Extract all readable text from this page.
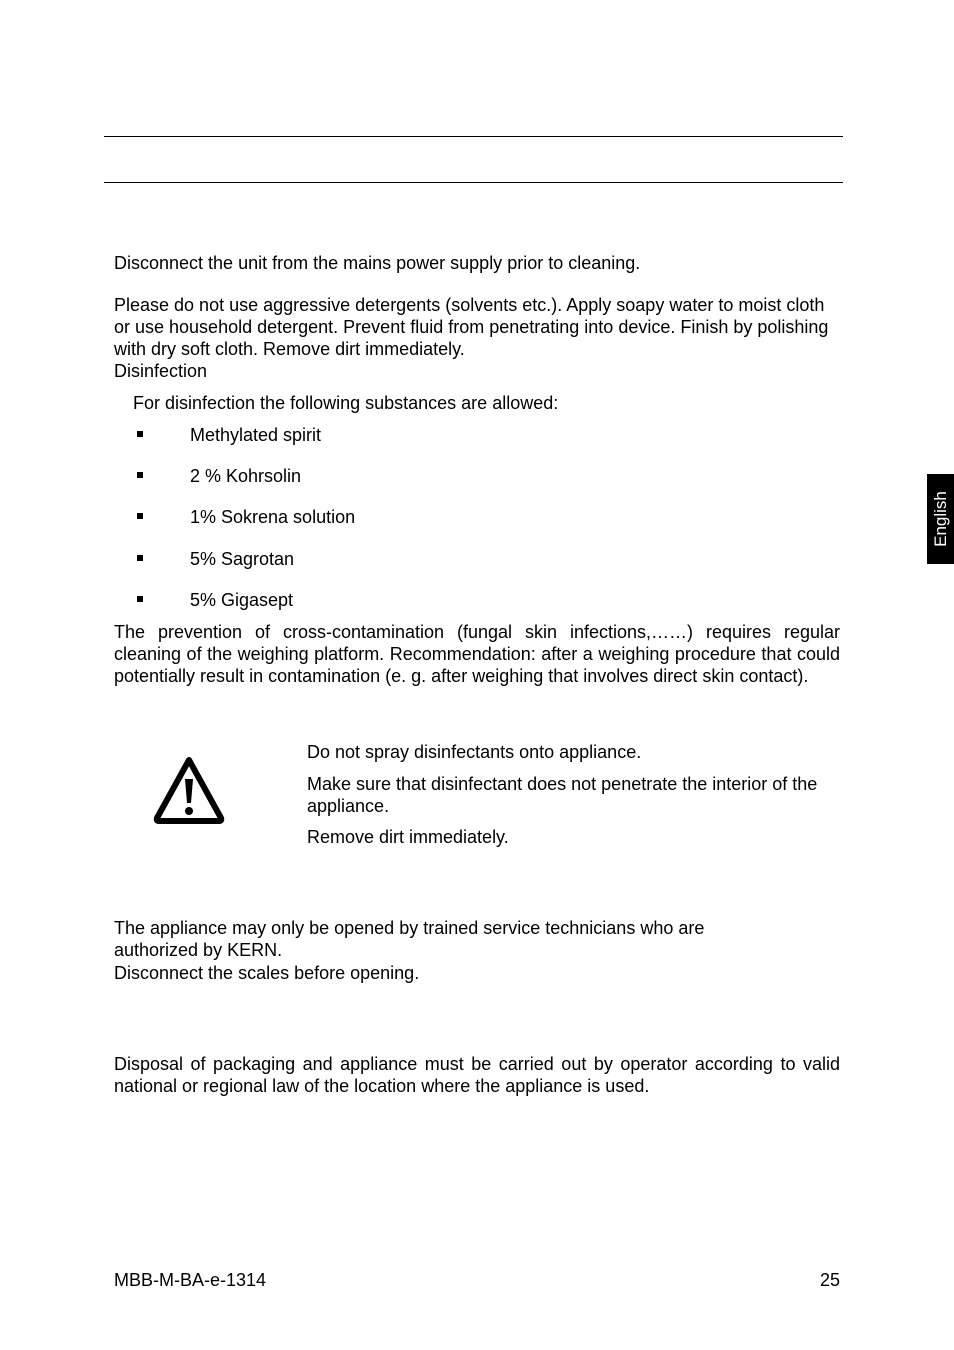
Disconnect the unit from the mains power supply prior to cleaning.

Please do not use aggressive detergents (solvents etc.). Apply soapy water to moist cloth or use household detergent. Prevent fluid from penetrating into device. Finish by polishing with dry soft cloth. Remove dirt immediately.

Disinfection

For disinfection the following substances are allowed:

Methylated spirit
2 % Kohrsolin
1% Sokrena solution
5% Sagrotan
5% Gigasept

The prevention of cross-contamination (fungal skin infections,……) requires regular cleaning of the weighing platform. Recommendation: after a weighing procedure that could potentially result in contamination (e. g. after weighing that involves direct skin contact).

Do not spray disinfectants onto appliance.

Make sure that disinfectant does not penetrate the interior of the appliance.

Remove dirt immediately.

The appliance may only be opened by trained service technicians who are authorized by KERN.

Disconnect the scales before opening.

Disposal of packaging and appliance must be carried out by operator according to valid national or regional law of the location where the appliance is used.

English
MBB-M-BA-e-1314	25
